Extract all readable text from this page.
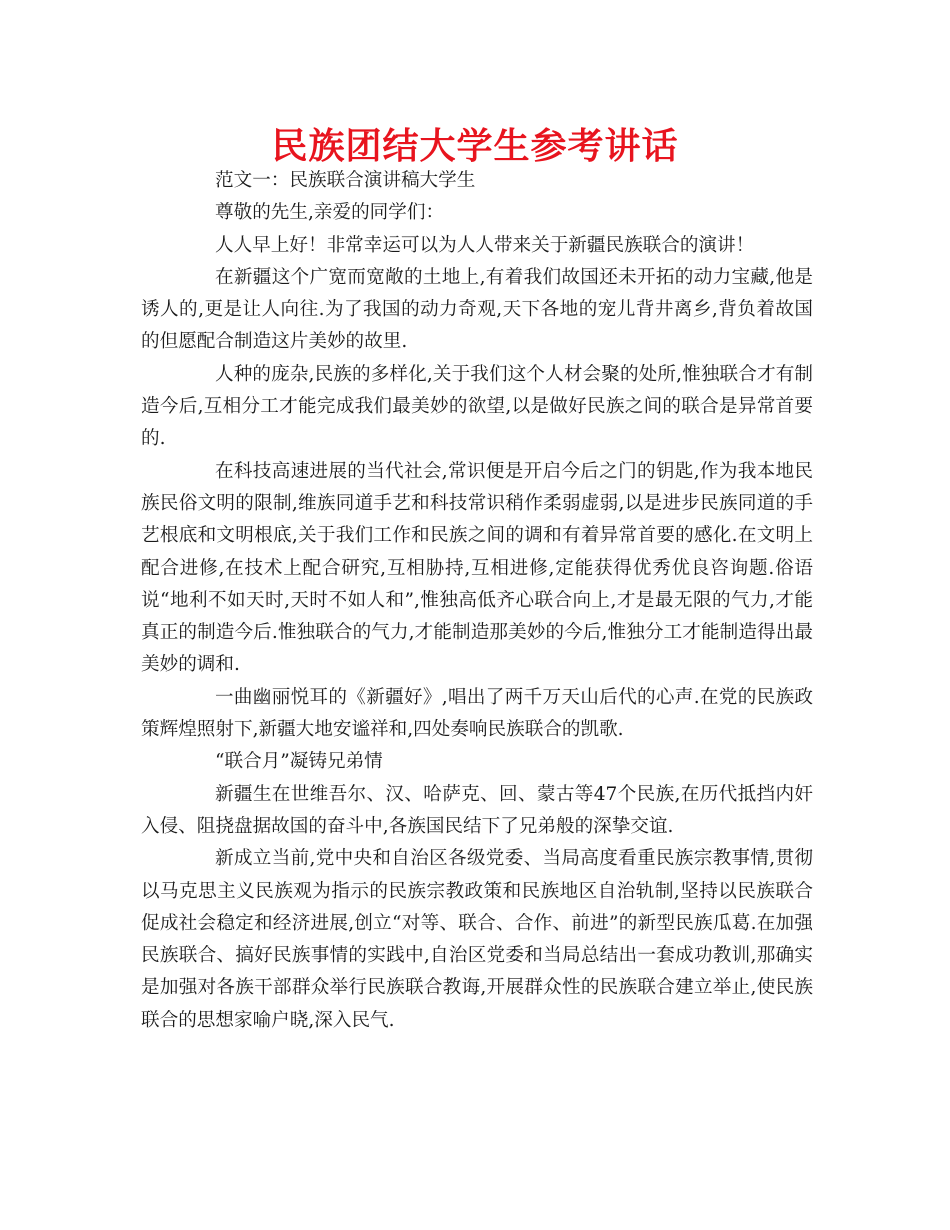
民族团结大学生参考讲话

范文一：民族联合演讲稿大学生

尊敬的先生,亲爱的同学们：

人人早上好！非常幸运可以为人人带来关于新疆民族联合的演讲！

在新疆这个广宽而宽敞的土地上,有着我们故国还未开拓的动力宝藏,他是诱人的,更是让人向往.为了我国的动力奇观,天下各地的宠儿背井离乡,背负着故国的但愿配合制造这片美妙的故里.

人种的庞杂,民族的多样化,关于我们这个人材会聚的处所,惟独联合才有制造今后,互相分工才能完成我们最美妙的欲望,以是做好民族之间的联合是异常首要的.

在科技高速进展的当代社会,常识便是开启今后之门的钥匙,作为我本地民族民俗文明的限制,维族同道手艺和科技常识稍作柔弱虚弱,以是进步民族同道的手艺根底和文明根底,关于我们工作和民族之间的调和有着异常首要的感化.在文明上配合进修,在技术上配合研究,互相胁持,互相进修,定能获得优秀优良咨询题.俗语说“地利不如天时,天时不如人和”,惟独高低齐心联合向上,才是最无限的气力,才能真正的制造今后.惟独联合的气力,才能制造那美妙的今后,惟独分工才能制造得出最美妙的调和.

一曲幽丽悦耳的《新疆好》,唱出了两千万天山后代的心声.在党的民族政策辉煌照射下,新疆大地安谧祥和,四处奏响民族联合的凯歌.

“联合月”凝铸兄弟情

新疆生在世维吾尔、汉、哈萨克、回、蒙古等47个民族,在历代抵挡内奸入侵、阻挠盘据故国的奋斗中,各族国民结下了兄弟般的深挚交谊.

新成立当前,党中央和自治区各级党委、当局高度看重民族宗教事情,贯彻以马克思主义民族观为指示的民族宗教政策和民族地区自治轨制,坚持以民族联合促成社会稳定和经济进展,创立“对等、联合、合作、前进”的新型民族瓜葛.在加强民族联合、搞好民族事情的实践中,自治区党委和当局总结出一套成功教训,那确实是加强对各族干部群众举行民族联合教诲,开展群众性的民族联合建立举止,使民族联合的思想家喻户晓,深入民气.
